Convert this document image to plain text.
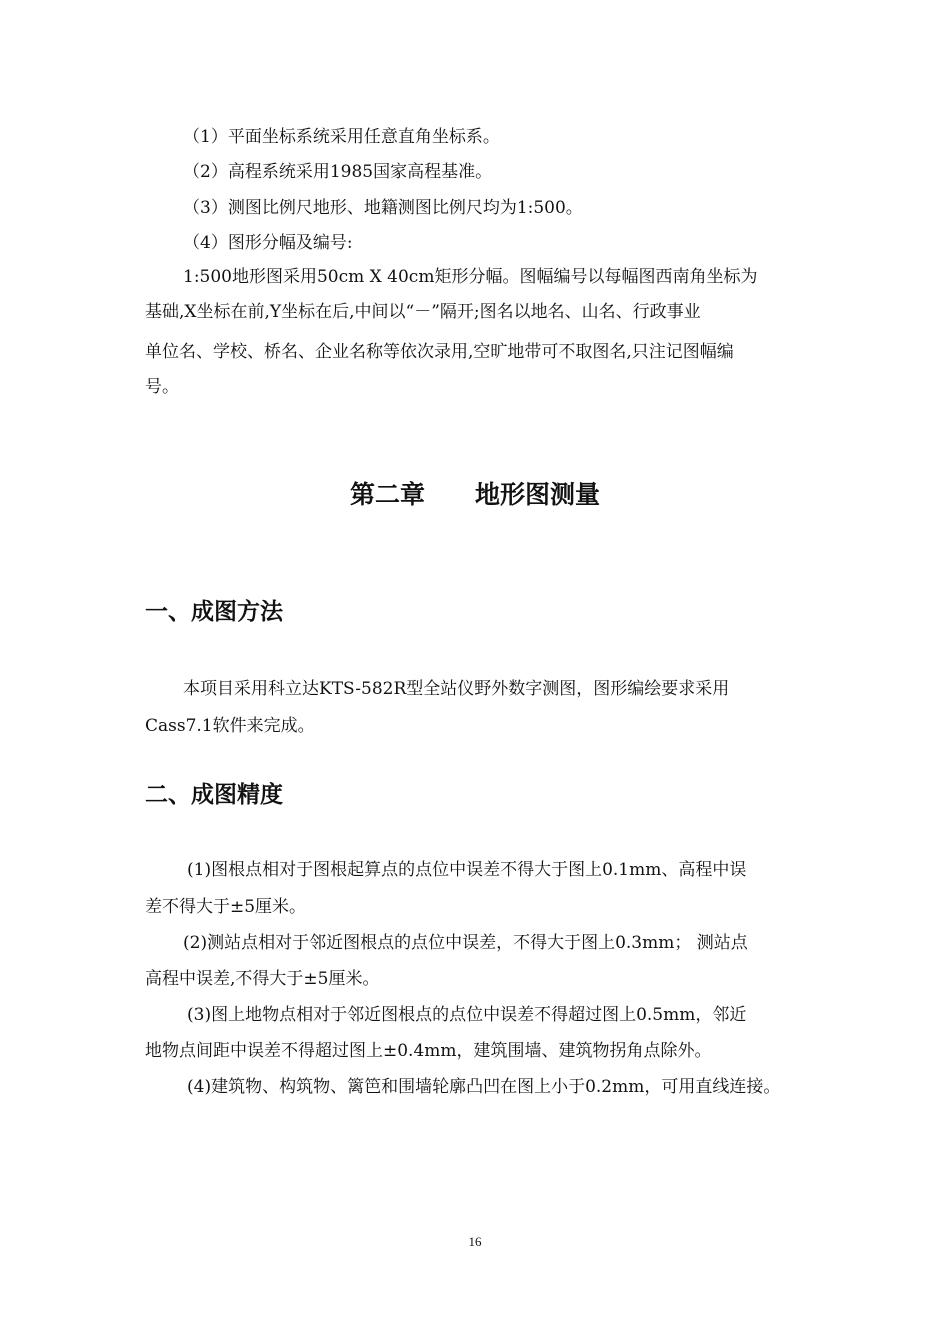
（1）平面坐标系统采用任意直角坐标系。
（2）高程系统采用1985国家高程基准。
（3）测图比例尺地形、地籍测图比例尺均为1:500。
（4）图形分幅及编号:
1:500地形图采用50cm X 40cm矩形分幅。图幅编号以每幅图西南角坐标为
基础,X坐标在前,Y坐标在后,中间以“－”隔开;图名以地名、山名、行政事业
单位名、学校、桥名、企业名称等依次录用,空旷地带可不取图名,只注记图幅编
号。
第二章　　地形图测量
一、成图方法
本项目采用科立达KTS-582R型全站仪野外数字测图，图形编绘要求采用
Cass7.1软件来完成。
二、成图精度
(1)图根点相对于图根起算点的点位中误差不得大于图上0.1mm、高程中误
差不得大于±5厘米。
(2)测站点相对于邻近图根点的点位中误差，不得大于图上0.3mm； 测站点
高程中误差,不得大于±5厘米。
(3)图上地物点相对于邻近图根点的点位中误差不得超过图上0.5mm，邻近
地物点间距中误差不得超过图上±0.4mm，建筑围墙、建筑物拐角点除外。
(4)建筑物、构筑物、篱笆和围墙轮廓凸凹在图上小于0.2mm，可用直线连接。
16
